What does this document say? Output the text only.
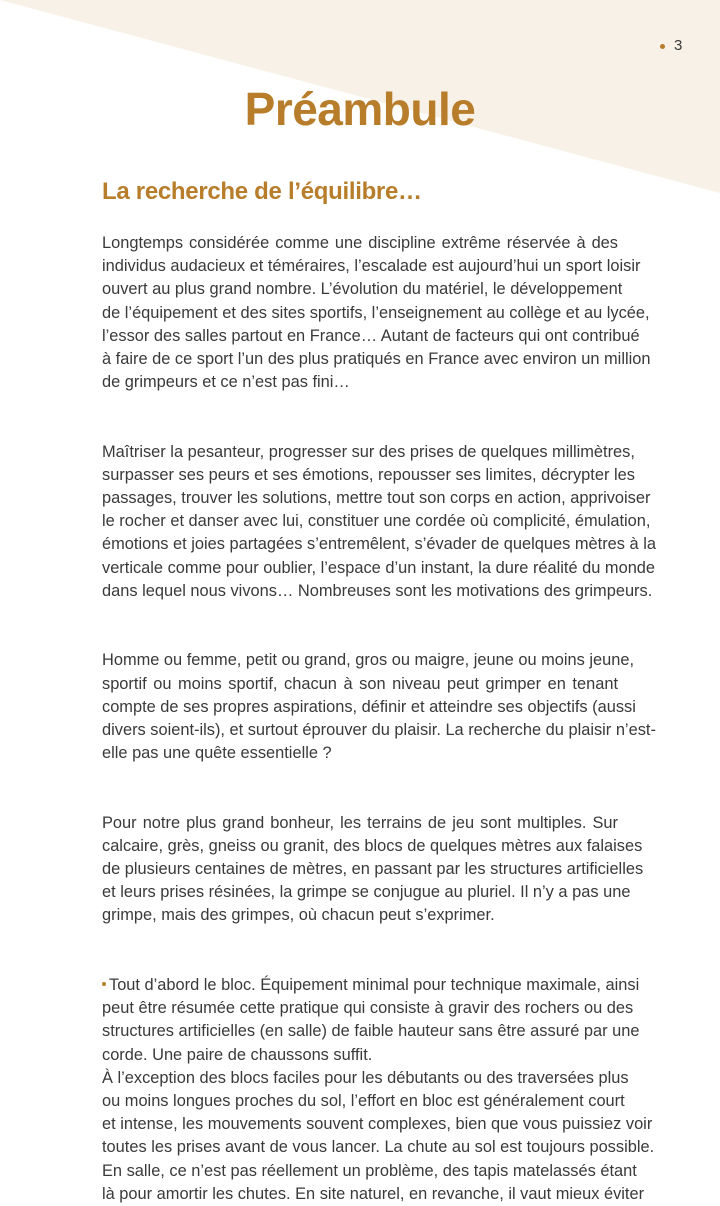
3
Préambule
La recherche de l’équilibre…
Longtemps considérée comme une discipline extrême réservée à des
individus audacieux et téméraires, l’escalade est aujourd’hui un sport loisir
ouvert au plus grand nombre. L’évolution du matériel, le développement
de l’équipement et des sites sportifs, l’enseignement au collège et au lycée,
l’essor des salles partout en France… Autant de facteurs qui ont contribué
à faire de ce sport l’un des plus pratiqués en France avec environ un million
de grimpeurs et ce n’est pas fini…
Maîtriser la pesanteur, progresser sur des prises de quelques millimètres,
surpasser ses peurs et ses émotions, repousser ses limites, décrypter les
passages, trouver les solutions, mettre tout son corps en action, apprivoiser
le rocher et danser avec lui, constituer une cordée où complicité, émulation,
émotions et joies partagées s’entremêlent, s’évader de quelques mètres à la
verticale comme pour oublier, l’espace d’un instant, la dure réalité du monde
dans lequel nous vivons… Nombreuses sont les motivations des grimpeurs.
Homme ou femme, petit ou grand, gros ou maigre, jeune ou moins jeune,
sportif ou moins sportif, chacun à son niveau peut grimper en tenant
compte de ses propres aspirations, définir et atteindre ses objectifs (aussi
divers soient-ils), et surtout éprouver du plaisir. La recherche du plaisir n’est-
elle pas une quête essentielle ?
Pour notre plus grand bonheur, les terrains de jeu sont multiples. Sur
calcaire, grès, gneiss ou granit, des blocs de quelques mètres aux falaises
de plusieurs centaines de mètres, en passant par les structures artificielles
et leurs prises résinées, la grimpe se conjugue au pluriel. Il n’y a pas une
grimpe, mais des grimpes, où chacun peut s’exprimer.
Tout d’abord le bloc. Équipement minimal pour technique maximale, ainsi
peut être résumée cette pratique qui consiste à gravir des rochers ou des
structures artificielles (en salle) de faible hauteur sans être assuré par une
corde. Une paire de chaussons suffit.
À l’exception des blocs faciles pour les débutants ou des traversées plus
ou moins longues proches du sol, l’effort en bloc est généralement court
et intense, les mouvements souvent complexes, bien que vous puissiez voir
toutes les prises avant de vous lancer. La chute au sol est toujours possible.
En salle, ce n’est pas réellement un problème, des tapis matelassés étant
là pour amortir les chutes. En site naturel, en revanche, il vaut mieux éviter
